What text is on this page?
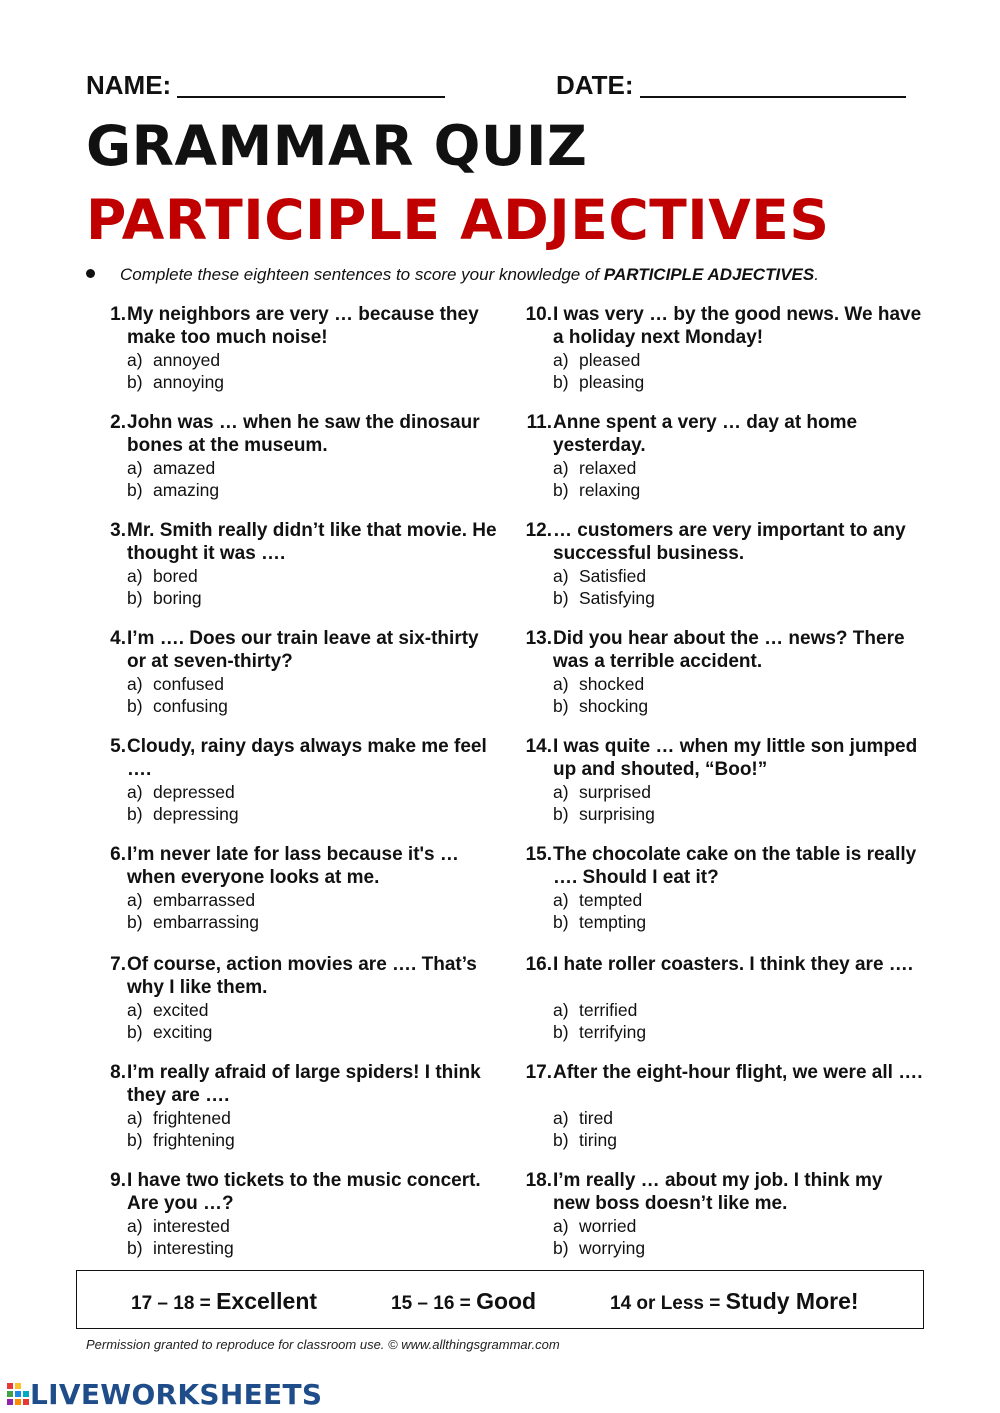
NAME:	DATE:
GRAMMAR QUIZ
PARTICIPLE ADJECTIVES
Complete these eighteen sentences to score your knowledge of PARTICIPLE ADJECTIVES.
1. My neighbors are very … because they make too much noise!
a) annoyed
b) annoying
2. John was … when he saw the dinosaur bones at the museum.
a) amazed
b) amazing
3. Mr. Smith really didn’t like that movie. He thought it was ….
a) bored
b) boring
4. I’m …. Does our train leave at six-thirty or at seven-thirty?
a) confused
b) confusing
5. Cloudy, rainy days always make me feel ….
a) depressed
b) depressing
6. I’m never late for lass because it's … when everyone looks at me.
a) embarrassed
b) embarrassing
7. Of course, action movies are …. That’s why I like them.
a) excited
b) exciting
8. I’m really afraid of large spiders! I think they are ….
a) frightened
b) frightening
9. I have two tickets to the music concert. Are you …?
a) interested
b) interesting
10. I was very … by the good news. We have a holiday next Monday!
a) pleased
b) pleasing
11. Anne spent a very … day at home yesterday.
a) relaxed
b) relaxing
12. … customers are very important to any successful business.
a) Satisfied
b) Satisfying
13. Did you hear about the … news? There was a terrible accident.
a) shocked
b) shocking
14. I was quite … when my little son jumped up and shouted, “Boo!”
a) surprised
b) surprising
15. The chocolate cake on the table is really …. Should I eat it?
a) tempted
b) tempting
16. I hate roller coasters. I think they are ….
a) terrified
b) terrifying
17. After the eight-hour flight, we were all ….
a) tired
b) tiring
18. I’m really … about my job. I think my new boss doesn’t like me.
a) worried
b) worrying
17 – 18 = Excellent	15 – 16 = Good	14 or Less = Study More!
Permission granted to reproduce for classroom use. © www.allthingsgrammar.com
LIVEWORKSHEETS
